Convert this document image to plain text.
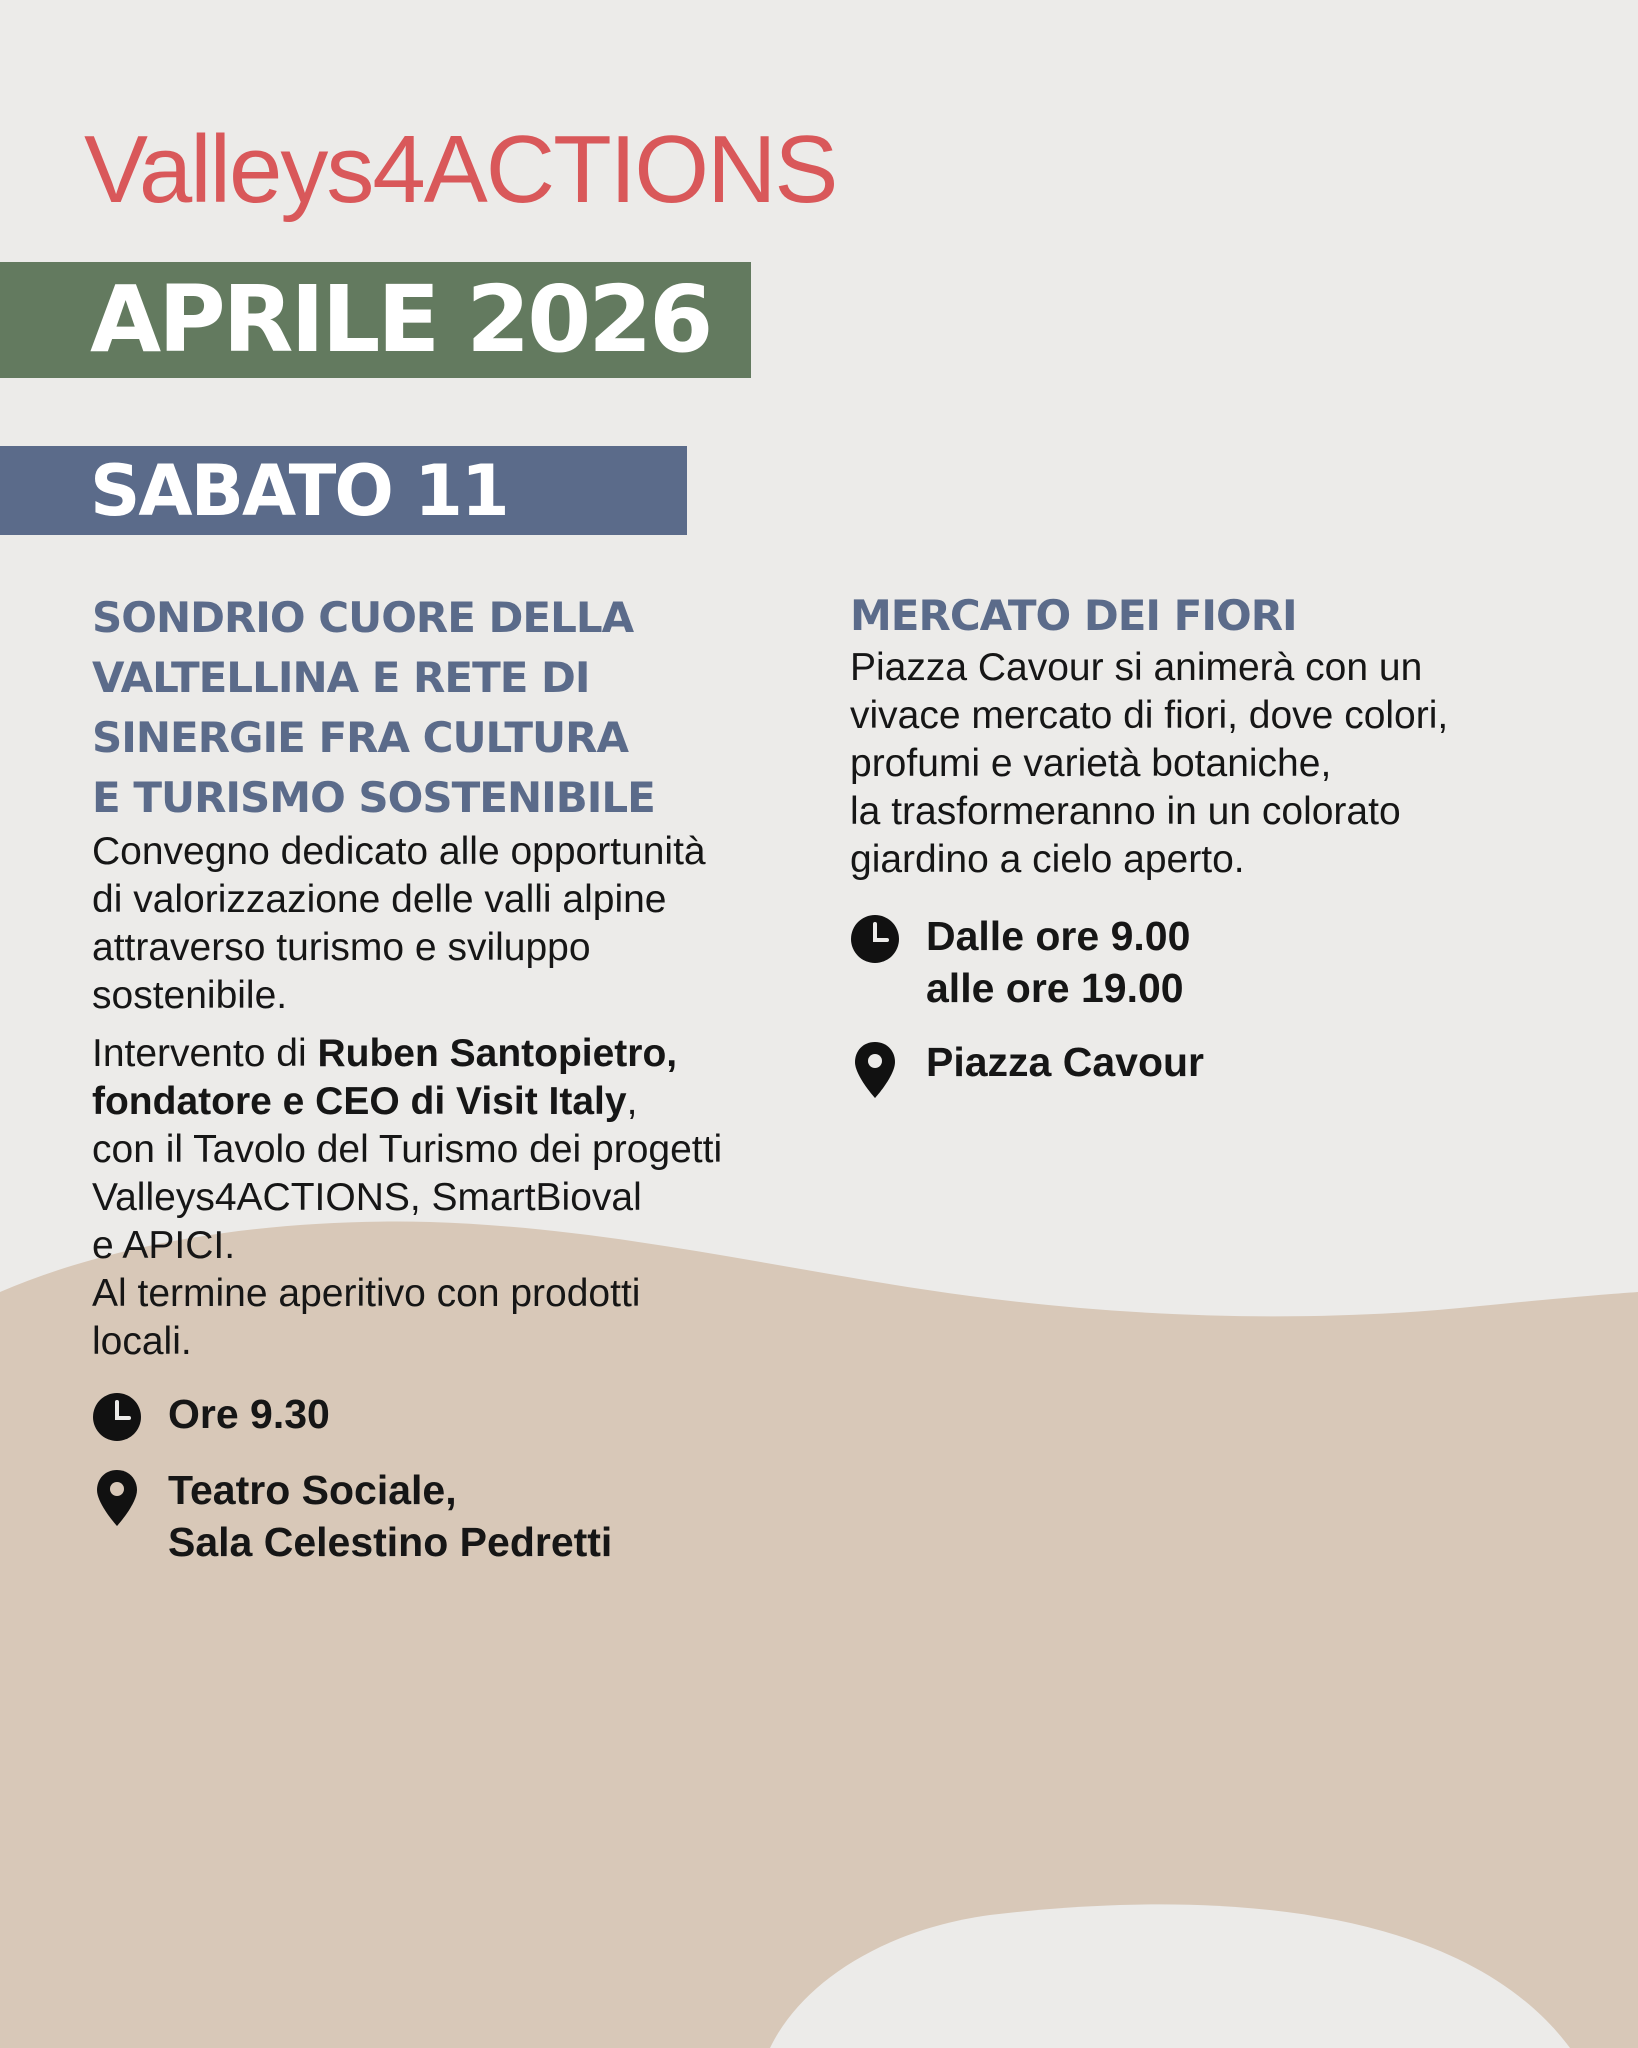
Valleys4ACTIONS
APRILE 2026
SABATO 11
SONDRIO CUORE DELLA
VALTELLINA E RETE DI
SINERGIE FRA CULTURA
E TURISMO SOSTENIBILE

Convegno dedicato alle opportunità
di valorizzazione delle valli alpine
attraverso turismo e sviluppo
sostenibile.

Intervento di Ruben Santopietro,
fondatore e CEO di Visit Italy,
con il Tavolo del Turismo dei progetti
Valleys4ACTIONS, SmartBioval
e APICI.
Al termine aperitivo con prodotti
locali.

Ore 9.30
Teatro Sociale,
Sala Celestino Pedretti
MERCATO DEI FIORI

Piazza Cavour si animerà con un
vivace mercato di fiori, dove colori,
profumi e varietà botaniche,
la trasformeranno in un colorato
giardino a cielo aperto.

Dalle ore 9.00
alle ore 19.00
Piazza Cavour
